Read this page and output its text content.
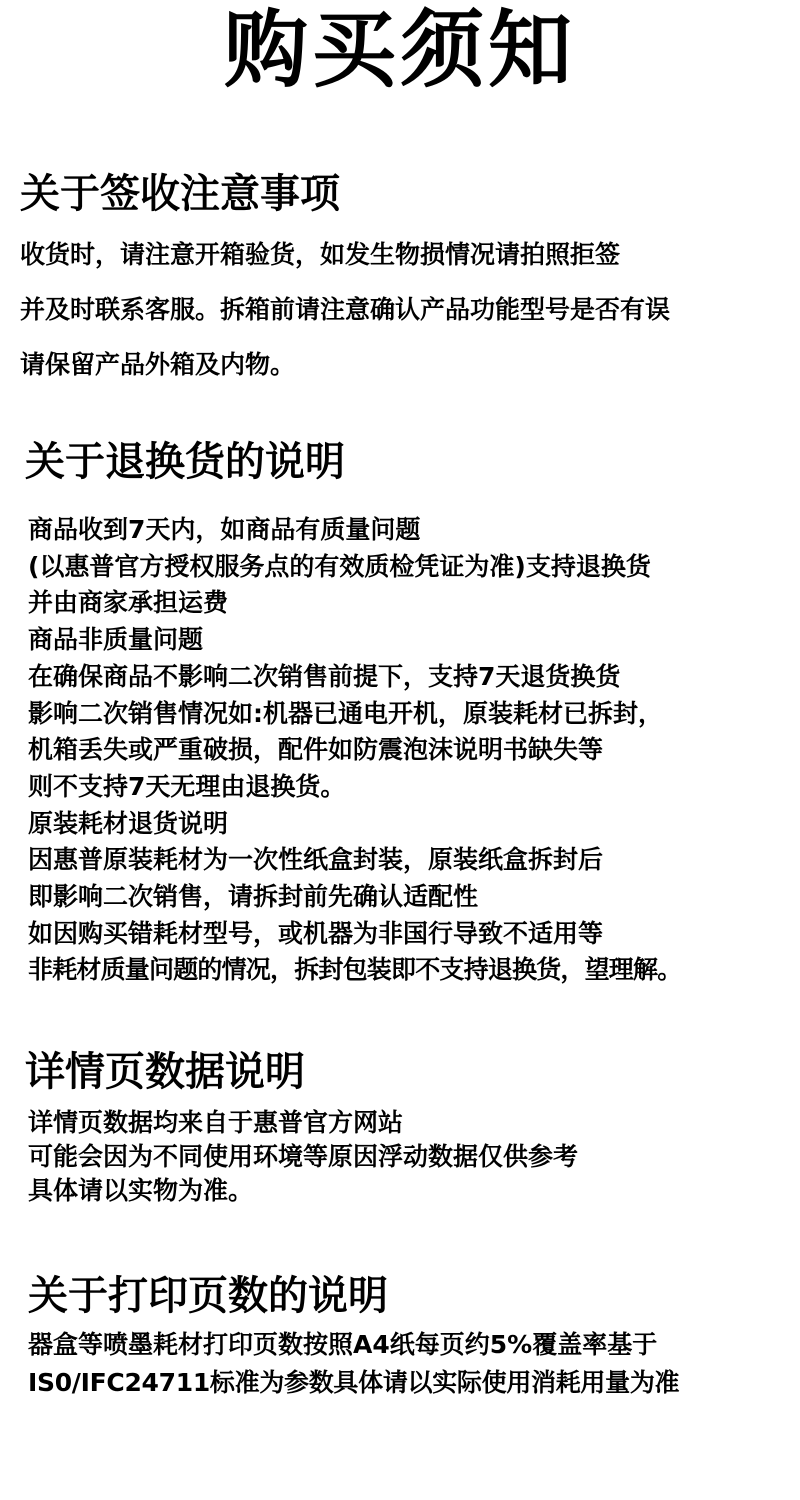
购买须知
关于签收注意事项
收货时，请注意开箱验货，如发生物损情况请拍照拒签
并及时联系客服。拆箱前请注意确认产品功能型号是否有误
请保留产品外箱及内物。
关于退换货的说明
商品收到7天内，如商品有质量问题
(以惠普官方授权服务点的有效质检凭证为准)支持退换货
并由商家承担运费
商品非质量问题
在确保商品不影响二次销售前提下，支持7天退货换货
影响二次销售情况如:机器已通电开机，原装耗材已拆封，
机箱丢失或严重破损，配件如防震泡沫说明书缺失等
则不支持7天无理由退换货。
原装耗材退货说明
因惠普原装耗材为一次性纸盒封装，原装纸盒拆封后
即影响二次销售，请拆封前先确认适配性
如因购买错耗材型号，或机器为非国行导致不适用等
非耗材质量问题的情况，拆封包装即不支持退换货，望理解。
详情页数据说明
详情页数据均来自于惠普官方网站
可能会因为不同使用环境等原因浮动数据仅供参考
具体请以实物为准。
关于打印页数的说明
器盒等喷墨耗材打印页数按照A4纸每页约5%覆盖率基于
IS0/IFC24711标准为参数具体请以实际使用消耗用量为准
